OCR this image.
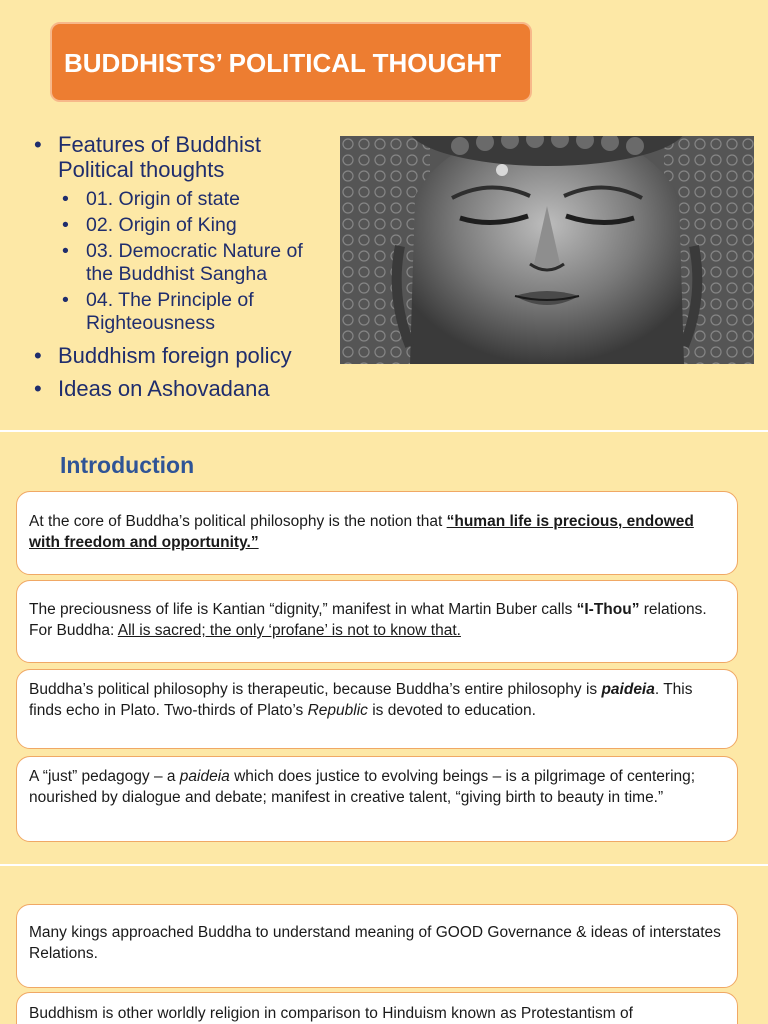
BUDDHISTS’ POLITICAL THOUGHT
• Features of Buddhist Political thoughts
• 01. Origin of state
• 02. Origin of King
• 03. Democratic Nature of the Buddhist Sangha
• 04. The Principle of Righteousness
• Buddhism foreign policy
• Ideas on Ashovadana
Introduction
At the core of Buddha’s political philosophy is the notion that “human life is precious, endowed with freedom and opportunity.”
The preciousness of life is Kantian “dignity,” manifest in what Martin Buber calls “I-Thou” relations. For Buddha: All is sacred; the only ‘profane’ is not to know that.
Buddha’s political philosophy is therapeutic, because Buddha’s entire philosophy is paideia. This finds echo in Plato. Two-thirds of Plato’s Republic is devoted to education.
A “just” pedagogy – a paideia which does justice to evolving beings – is a pilgrimage of centering; nourished by dialogue and debate; manifest in creative talent, “giving birth to beauty in time.”
Many kings approached Buddha to understand meaning of GOOD Governance & ideas of interstates Relations.
Buddhism is other worldly religion in comparison to Hinduism known as Protestantism of
